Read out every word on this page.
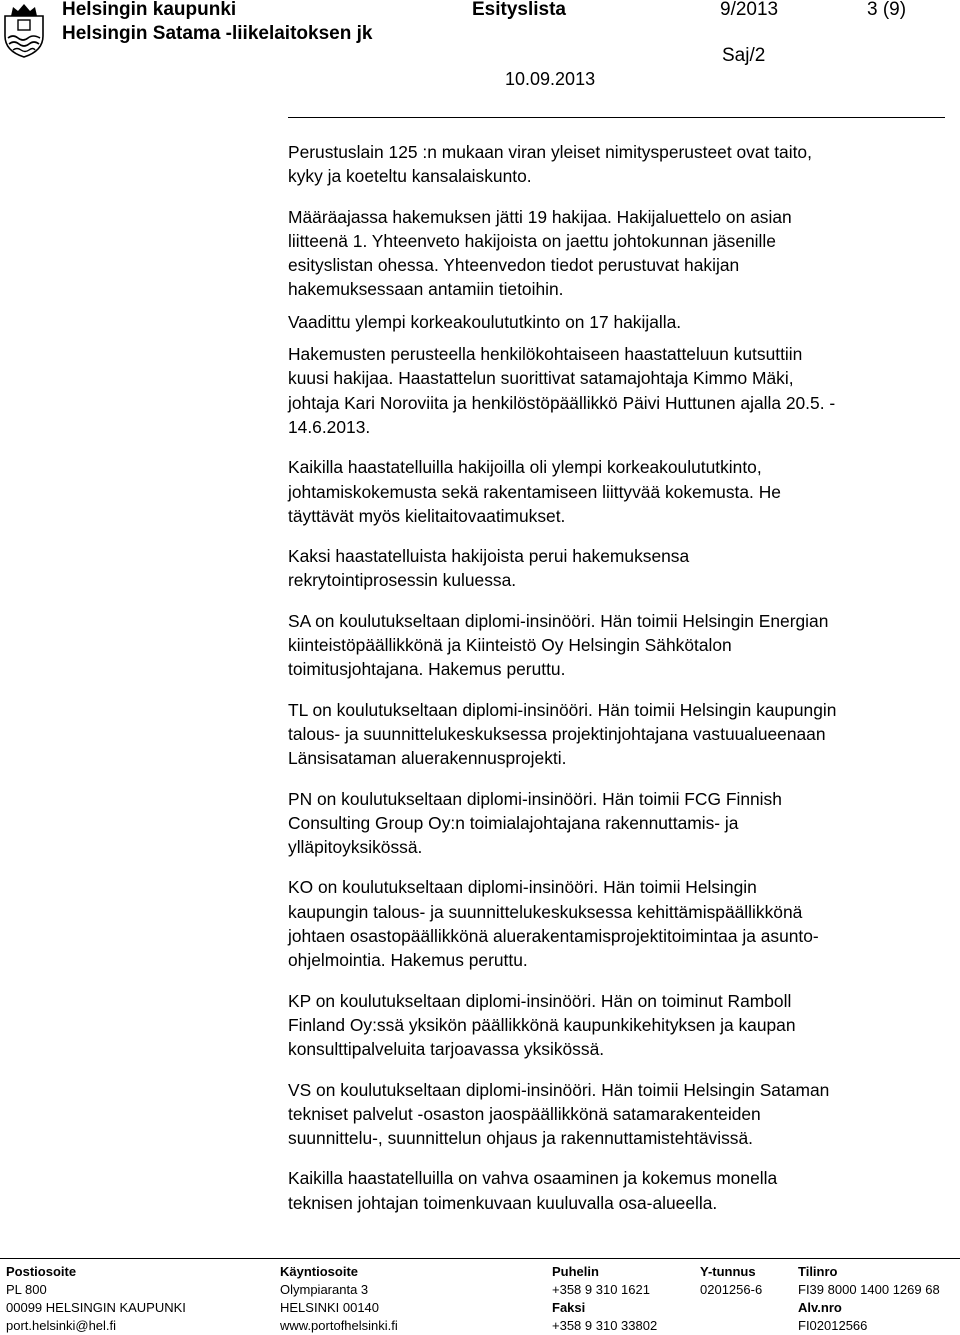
Helsingin kaupunki
Helsingin Satama -liikelaitoksen jk
Esityslista	9/2013	3 (9)
Saj/2
10.09.2013

Perustuslain 125 :n mukaan viran yleiset nimitysperusteet ovat taito,
kyky ja koeteltu kansalaiskunto.

Määräajassa hakemuksen jätti 19 hakijaa. Hakijaluettelo on asian
liitteenä 1. Yhteenveto hakijoista on jaettu johtokunnan jäsenille
esityslistan ohessa. Yhteenvedon tiedot perustuvat hakijan
hakemuksessaan antamiin tietoihin.

Vaadittu ylempi korkeakoulututkinto on 17 hakijalla.

Hakemusten perusteella henkilökohtaiseen haastatteluun kutsuttiin
kuusi hakijaa. Haastattelun suorittivat satamajohtaja Kimmo Mäki,
johtaja Kari Noroviita ja henkilöstöpäällikkö Päivi Huttunen ajalla 20.5. -
14.6.2013.

Kaikilla haastatelluilla hakijoilla oli ylempi korkeakoulututkinto,
johtamiskokemusta sekä rakentamiseen liittyvää kokemusta. He
täyttävät myös kielitaitovaatimukset.

Kaksi haastatelluista hakijoista perui hakemuksensa
rekrytointiprosessin kuluessa.

SA on koulutukseltaan diplomi-insinööri. Hän toimii Helsingin Energian
kiinteistöpäällikkönä ja Kiinteistö Oy Helsingin Sähkötalon
toimitusjohtajana. Hakemus peruttu.

TL on koulutukseltaan diplomi-insinööri. Hän toimii Helsingin kaupungin
talous- ja suunnittelukeskuksessa projektinjohtajana vastuualueenaan
Länsisataman aluerakennusprojekti.

PN on koulutukseltaan diplomi-insinööri. Hän toimii FCG Finnish
Consulting Group Oy:n toimialajohtajana rakennuttamis- ja
ylläpitoyksikössä.

KO on koulutukseltaan diplomi-insinööri. Hän toimii Helsingin
kaupungin talous- ja suunnittelukeskuksessa kehittämispäällikkönä
johtaen osastopäällikkönä aluerakentamisprojektitoimintaa ja asunto-
ohjelmointia. Hakemus peruttu.

KP on koulutukseltaan diplomi-insinööri. Hän on toiminut Ramboll
Finland Oy:ssä yksikön päällikkönä kaupunkikehityksen ja kaupan
konsulttipalveluita tarjoavassa yksikössä.

VS on koulutukseltaan diplomi-insinööri. Hän toimii Helsingin Sataman
tekniset palvelut -osaston jaospäällikkönä satamarakenteiden
suunnittelu-, suunnittelun ohjaus ja rakennuttamistehtävissä.

Kaikilla haastatelluilla on vahva osaaminen ja kokemus monella
teknisen johtajan toimenkuvaan kuuluvalla osa-alueella.

Postiosoite
PL 800
00099 HELSINGIN KAUPUNKI
port.helsinki@hel.fi
Käyntiosoite
Olympiaranta 3
HELSINKI 00140
www.portofhelsinki.fi
Puhelin
+358 9 310 1621
Faksi
+358 9 310 33802
Y-tunnus
0201256-6
Tilinro
FI39 8000 1400 1269 68
Alv.nro
FI02012566
